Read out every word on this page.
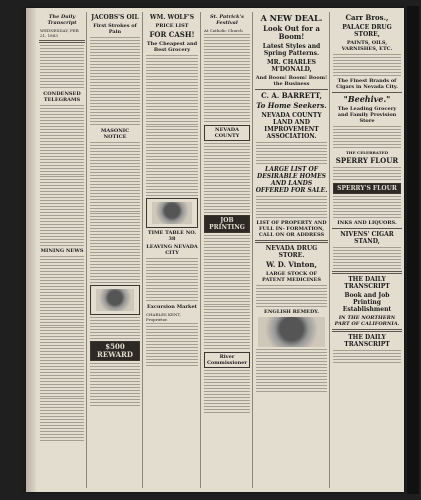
The Daily Transcript
WEDNESDAY, FEB 21, 1883
CONDENSED TELEGRAMS
MINING NEWS
JACOBS'S OIL
First Strokes of Pain
MASONIC NOTICE
$500 REWARD
WM. WOLF'S
PRICE LIST
FOR CASH!
The Cheapest and Best Grocery
TIME TABLE NO. 38
LEAVING NEVADA CITY
Excursion Market
CHARLES KENT, Proprietor.
St. Patrick's Festival
At Catholic Church
NEVADA COUNTY
JOB PRINTING
River Commissioner
A NEW DEAL.
Look Out for a Boom!
Latest Styles and Spring Patterns.
MR. CHARLES M'DONALD,
And Boom! Boom! Boom! the Business
C. A. BARRETT,
To Home Seekers.
NEVADA COUNTY LAND AND IMPROVEMENT ASSOCIATION.
LARGE LIST OF DESIRABLE HOMES AND LANDS OFFERED FOR SALE.
LIST OF PROPERTY AND FULL IN- FORMATION, CALL ON OR ADDRESS
NEVADA DRUG STORE.
W. D. Vinton,
LARGE STOCK OF PATENT MEDICINES
ENGLISH REMEDY.
Carr Bros.,
PALACE DRUG STORE,
PAINTS, OILS, VARNISHES, ETC.
The Finest Brands of Cigars in Nevada City.
"Beehive."
The Leading Grocery and Family Provision Store
THE CELEBRATED
SPERRY FLOUR
SPERRY'S FLOUR
INKS AND LIQUORS.
NIVENS' CIGAR STAND,
THE DAILY TRANSCRIPT
Book and Job Printing Establishment
IN THE NORTHERN PART OF CALIFORNIA.
THE DAILY TRANSCRIPT
